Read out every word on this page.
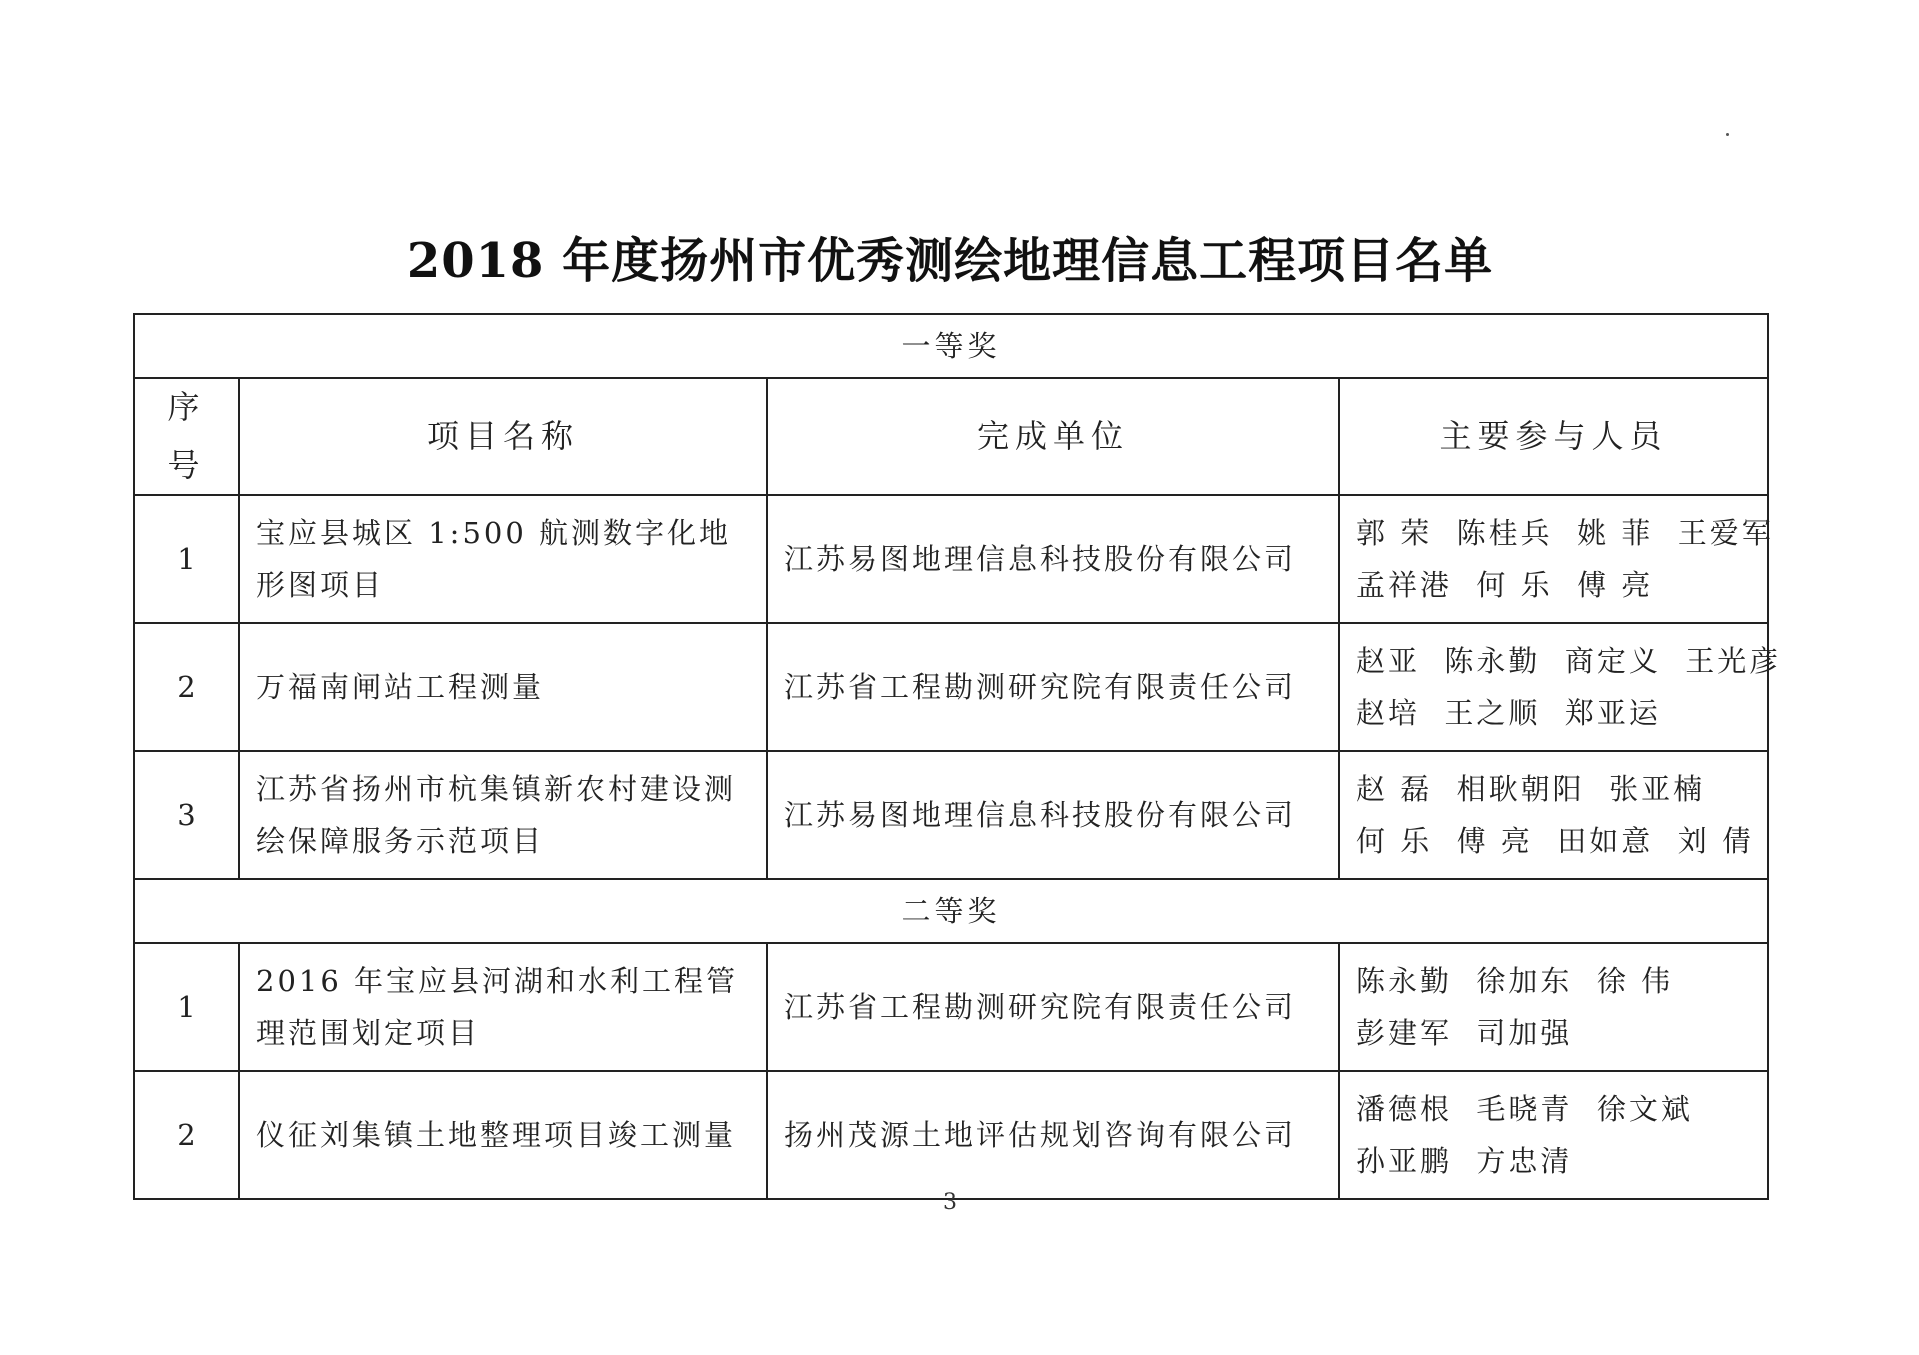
2018 年度扬州市优秀测绘地理信息工程项目名单
一等奖			
序号	项目名称	完成单位	主要参与人员
1	宝应县城区 1:500 航测数字化地形图项目	江苏易图地理信息科技股份有限公司	郭 荣  陈桂兵  姚 菲  王爱军
孟祥港  何 乐  傅 亮

2	万福南闸站工程测量	江苏省工程勘测研究院有限责任公司	赵亚  陈永勤  商定义  王光彦
赵培  王之顺  郑亚运

3	江苏省扬州市杭集镇新农村建设测绘保障服务示范项目	江苏易图地理信息科技股份有限公司	赵 磊  相耿朝阳  张亚楠
何 乐  傅 亮  田如意  刘 倩

二等奖			
1	2016 年宝应县河湖和水利工程管理范围划定项目	江苏省工程勘测研究院有限责任公司	陈永勤  徐加东  徐 伟
彭建军  司加强

2	仪征刘集镇土地整理项目竣工测量	扬州茂源土地评估规划咨询有限公司	潘德根  毛晓青  徐文斌
孙亚鹏  方忠清
3
